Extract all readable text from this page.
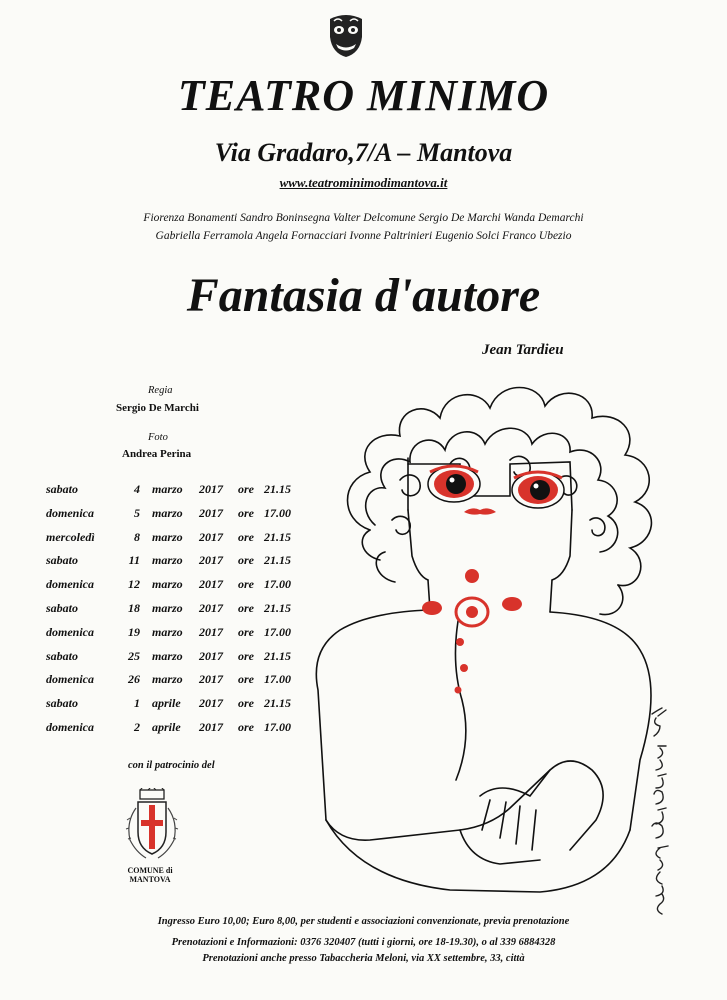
TEATRO MINIMO
Via Gradaro,7/A – Mantova
www.teatrominimodimantova.it
Fiorenza Bonamenti Sandro Boninsegna Valter Delcomune Sergio De Marchi Wanda Demarchi
Gabriella Ferramola Angela Fornacciari Ivonne Paltrinieri Eugenio Solci Franco Ubezio
Fantasia d'autore
Jean Tardieu
Regia
Sergio De Marchi
Foto
Andrea Perina
sabato	4 marzo 2017 ore 21.15
domenica	5 marzo 2017 ore 17.00
mercoledì	8 marzo 2017 ore 21.15
sabato	11 marzo 2017 ore 21.15
domenica	12 marzo 2017 ore 17.00
sabato	18 marzo 2017 ore 21.15
domenica	19 marzo 2017 ore 17.00
sabato	25 marzo 2017 ore 21.15
domenica	26 marzo 2017 ore 17.00
sabato	1 aprile 2017 ore 21.15
domenica	2 aprile 2017 ore 17.00
con il patrocinio del
COMUNE di
MANTOVA
Ingresso Euro 10,00; Euro 8,00, per studenti e associazioni convenzionate, previa prenotazione
Prenotazioni e Informazioni: 0376 320407 (tutti i giorni, ore 18-19.30), o al 339 6884328
Prenotazioni anche presso Tabaccheria Meloni, via XX settembre, 33, città
